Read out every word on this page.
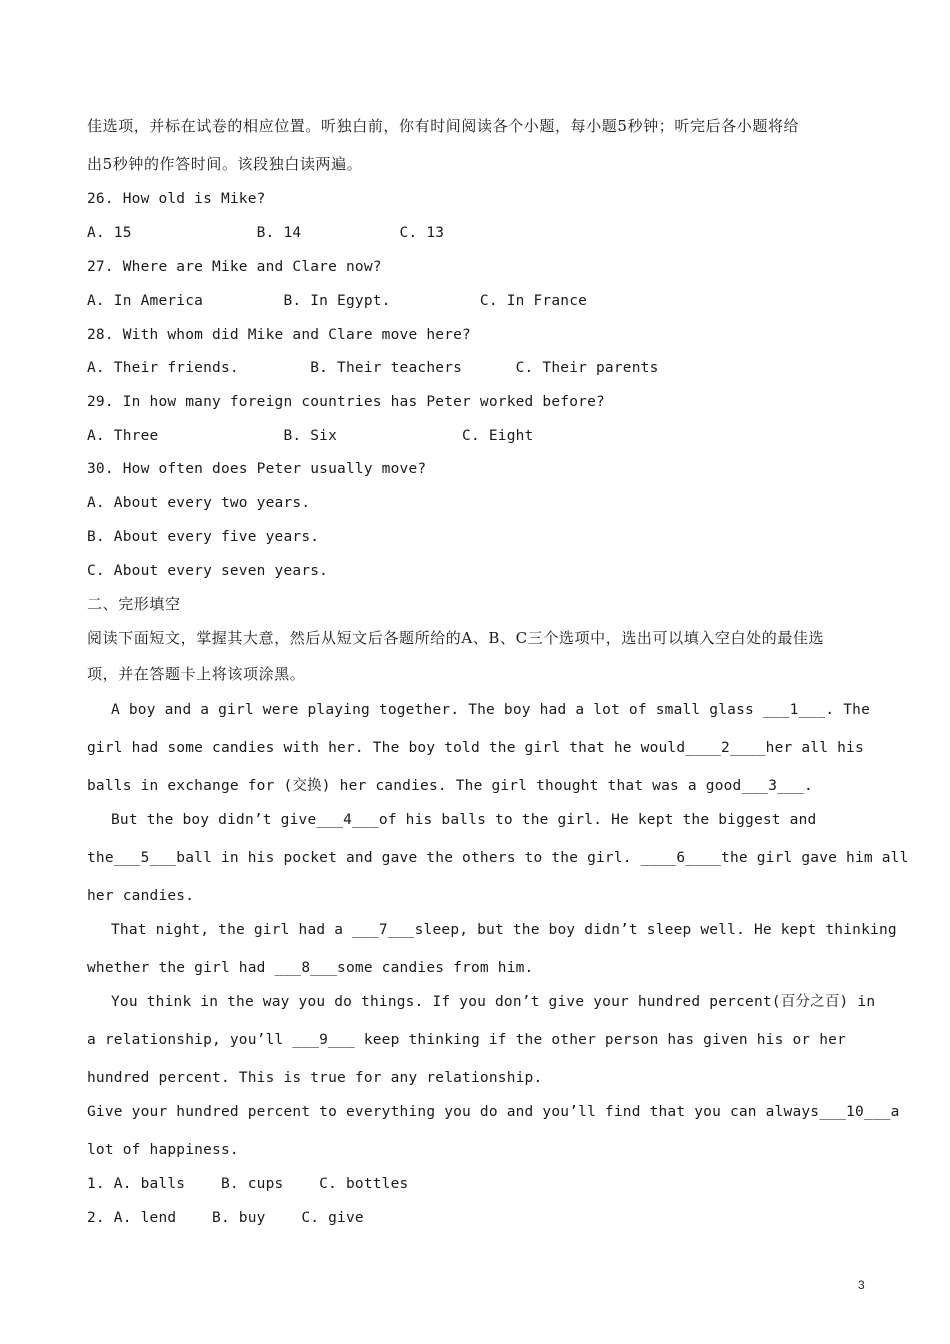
佳选项，并标在试卷的相应位置。听独白前，你有时间阅读各个小题，每小题5秒钟；听完后各小题将给
出5秒钟的作答时间。该段独白读两遍。
26. How old is Mike?
A. 15              B. 14           C. 13
27. Where are Mike and Clare now?
A. In America         B. In Egypt.          C. In France
28. With whom did Mike and Clare move here?
A. Their friends.        B. Their teachers      C. Their parents
29. In how many foreign countries has Peter worked before?
A. Three              B. Six              C. Eight
30. How often does Peter usually move?
A. About every two years.
B. About every five years.
C. About every seven years.
二、完形填空
阅读下面短文，掌握其大意，然后从短文后各题所给的A、B、C三个选项中，选出可以填入空白处的最佳选
项，并在答题卡上将该项涂黑。
A boy and a girl were playing together. The boy had a lot of small glass ___1___. The
girl had some candies with her. The boy told the girl that he would____2____her all his
balls in exchange for (交换) her candies. The girl thought that was a good___3___.
But the boy didn’t give___4___of his balls to the girl. He kept the biggest and
the___5___ball in his pocket and gave the others to the girl. ____6____the girl gave him all
her candies.
That night, the girl had a ___7___sleep, but the boy didn’t sleep well. He kept thinking
whether the girl had ___8___some candies from him.
You think in the way you do things. If you don’t give your hundred percent(百分之百) in
a relationship, you’ll ___9___ keep thinking if the other person has given his or her
hundred percent. This is true for any relationship.
Give your hundred percent to everything you do and you’ll find that you can always___10___a
lot of happiness.
1. A. balls    B. cups    C. bottles
2. A. lend    B. buy    C. give
3
